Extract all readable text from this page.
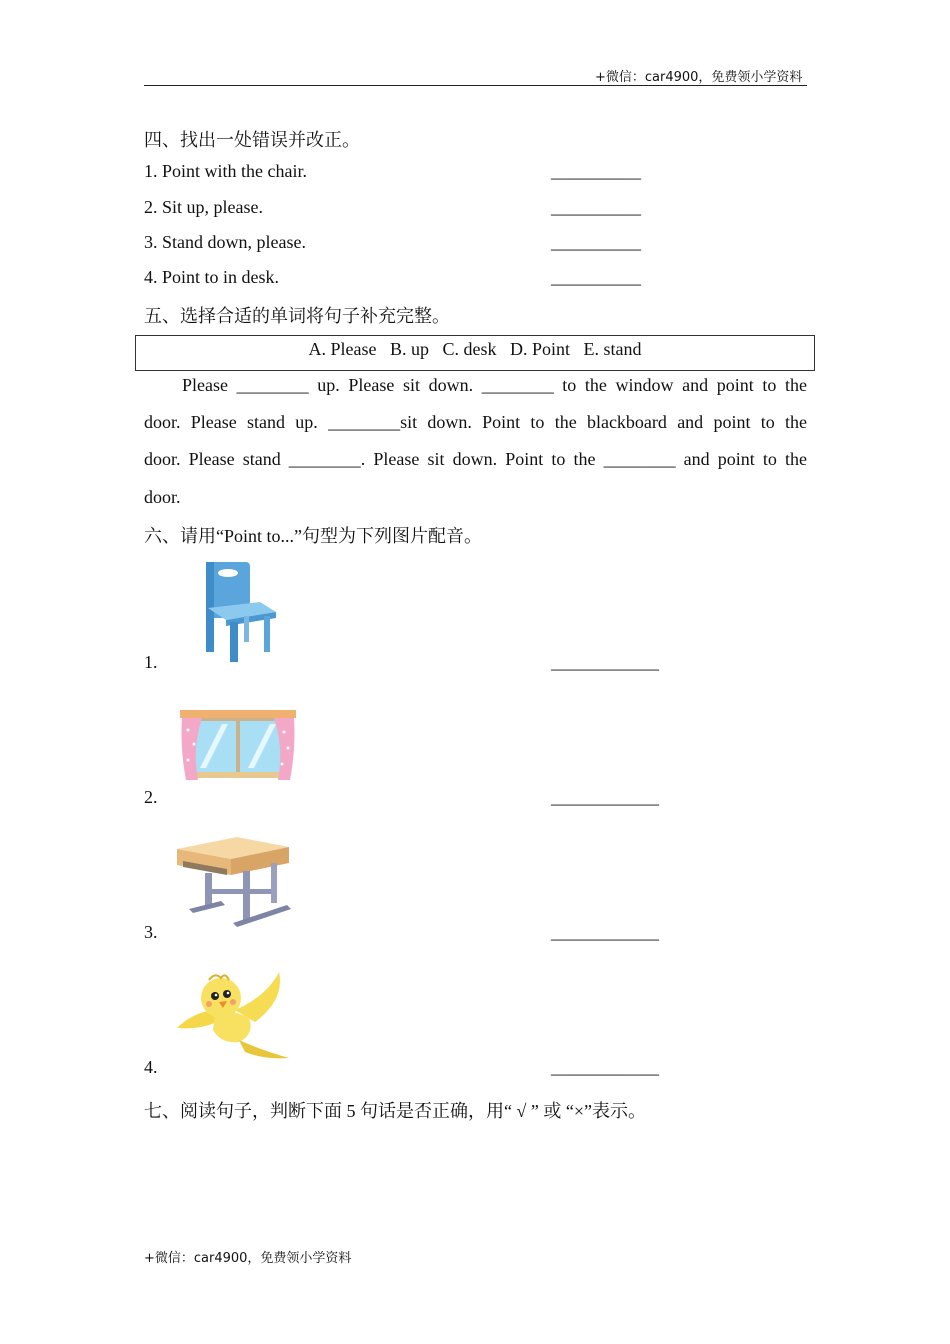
+微信：car4900，免费领小学资料
四、找出一处错误并改正。
1. Point with the chair.	__________
2. Sit up, please.	__________
3. Stand down, please.	__________
4. Point to in desk.	__________
五、选择合适的单词将句子补充完整。
A. Please   B. up   C. desk   D. Point   E. stand
Please ________ up. Please sit down. ________ to the window and point to the
door. Please stand up. ________sit down. Point to the blackboard and point to the
door. Please stand ________. Please sit down. Point to the ________ and point to the
door.
六、请用“Point to...”句型为下列图片配音。
1.	____________
2.	____________
3.	____________
4.	____________
七、阅读句子，判断下面 5 句话是否正确，用“ √ ” 或 “×”表示。
+微信：car4900，免费领小学资料
